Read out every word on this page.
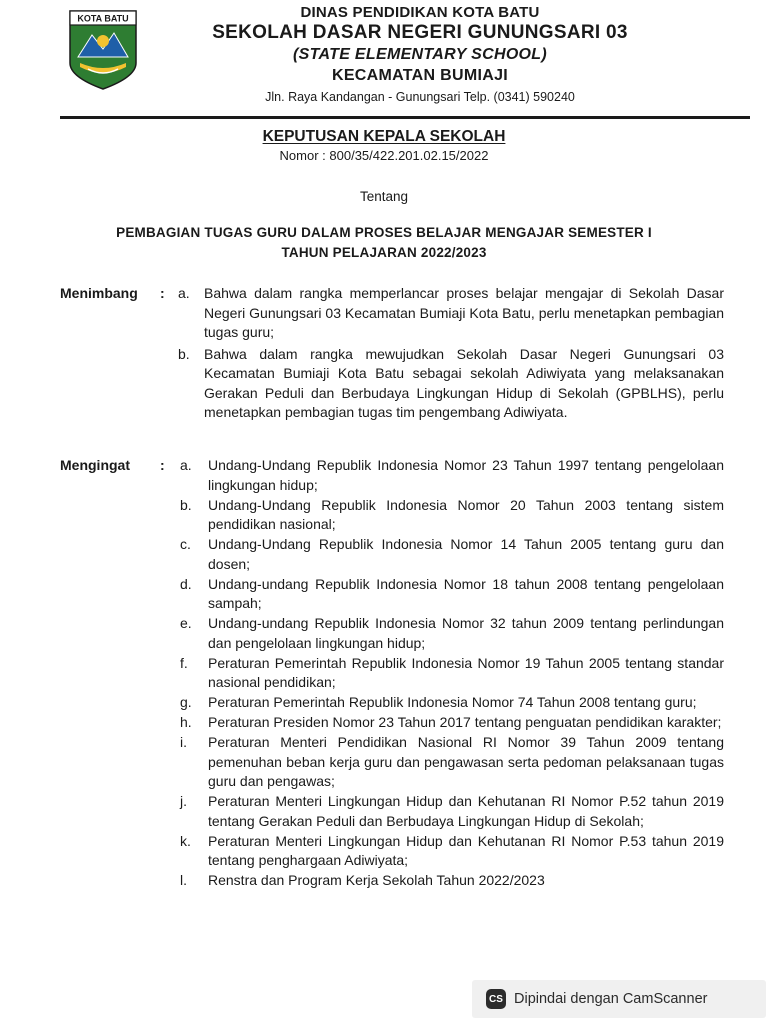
KOTA BATU	DINAS PENDIDIKAN KOTA BATU
SEKOLAH DASAR NEGERI GUNUNGSARI 03
(STATE ELEMENTARY SCHOOL)
KECAMATAN BUMIAJI
Jln. Raya Kandangan - Gunungsari Telp. (0341) 590240
KEPUTUSAN KEPALA SEKOLAH
Nomor : 800/35/422.201.02.15/2022
Tentang
PEMBAGIAN TUGAS GURU DALAM PROSES BELAJAR MENGAJAR SEMESTER I
TAHUN PELAJARAN 2022/2023
Menimbang : a. Bahwa dalam rangka memperlancar proses belajar mengajar di Sekolah Dasar Negeri Gunungsari 03 Kecamatan Bumiaji Kota Batu, perlu menetapkan pembagian tugas guru;

b. Bahwa dalam rangka mewujudkan Sekolah Dasar Negeri Gunungsari 03 Kecamatan Bumiaji Kota Batu sebagai sekolah Adiwiyata yang melaksanakan Gerakan Peduli dan Berbudaya Lingkungan Hidup di Sekolah (GPBLHS), perlu menetapkan pembagian tugas tim pengembang Adiwiyata.

Mengingat : a. Undang-Undang Republik Indonesia Nomor 23 Tahun 1997 tentang pengelolaan lingkungan hidup;

b. Undang-Undang Republik Indonesia Nomor 20 Tahun 2003 tentang sistem pendidikan nasional;

c. Undang-Undang Republik Indonesia Nomor 14 Tahun 2005 tentang guru dan dosen;

d. Undang-undang Republik Indonesia Nomor 18 tahun 2008 tentang pengelolaan sampah;

e. Undang-undang Republik Indonesia Nomor 32 tahun 2009 tentang perlindungan dan pengelolaan lingkungan hidup;

f. Peraturan Pemerintah Republik Indonesia Nomor 19 Tahun 2005 tentang standar nasional pendidikan;

g. Peraturan Pemerintah Republik Indonesia Nomor 74 Tahun 2008 tentang guru;

h. Peraturan Presiden Nomor 23 Tahun 2017 tentang penguatan pendidikan karakter;

i. Peraturan Menteri Pendidikan Nasional RI Nomor 39 Tahun 2009 tentang pemenuhan beban kerja guru dan pengawasan serta pedoman pelaksanaan tugas guru dan pengawas;

j. Peraturan Menteri Lingkungan Hidup dan Kehutanan RI Nomor P.52 tahun 2019 tentang Gerakan Peduli dan Berbudaya Lingkungan Hidup di Sekolah;

k. Peraturan Menteri Lingkungan Hidup dan Kehutanan RI Nomor P.53 tahun 2019 tentang penghargaan Adiwiyata;

l. Renstra dan Program Kerja Sekolah Tahun 2022/2023

CS Dipindai dengan CamScanner
